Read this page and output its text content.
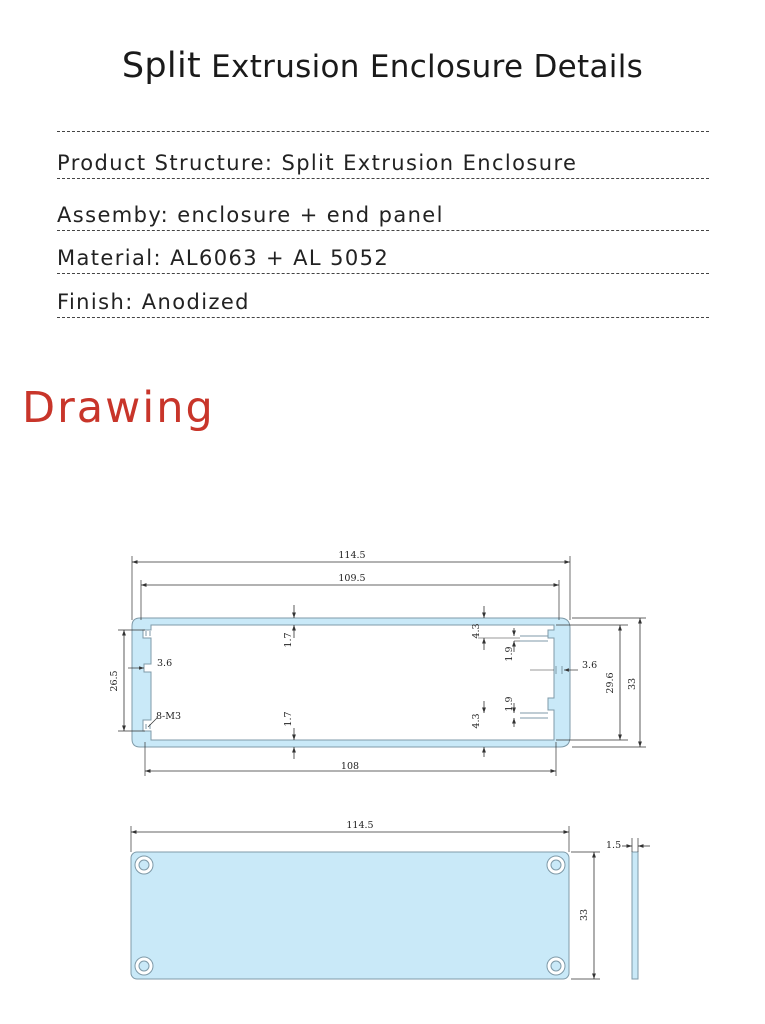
Split Extrusion Enclosure Details
Product Structure: Split Extrusion Enclosure
Assemby: enclosure + end panel
Material: AL6063 + AL 5052
Finish: Anodized
Drawing
114.5
109.5
108
26.5
3.6
8-M3
1.7
1.7
4.3
1.9
3.6
1.9
4.3
29.6 33
114.5
33
1.5
